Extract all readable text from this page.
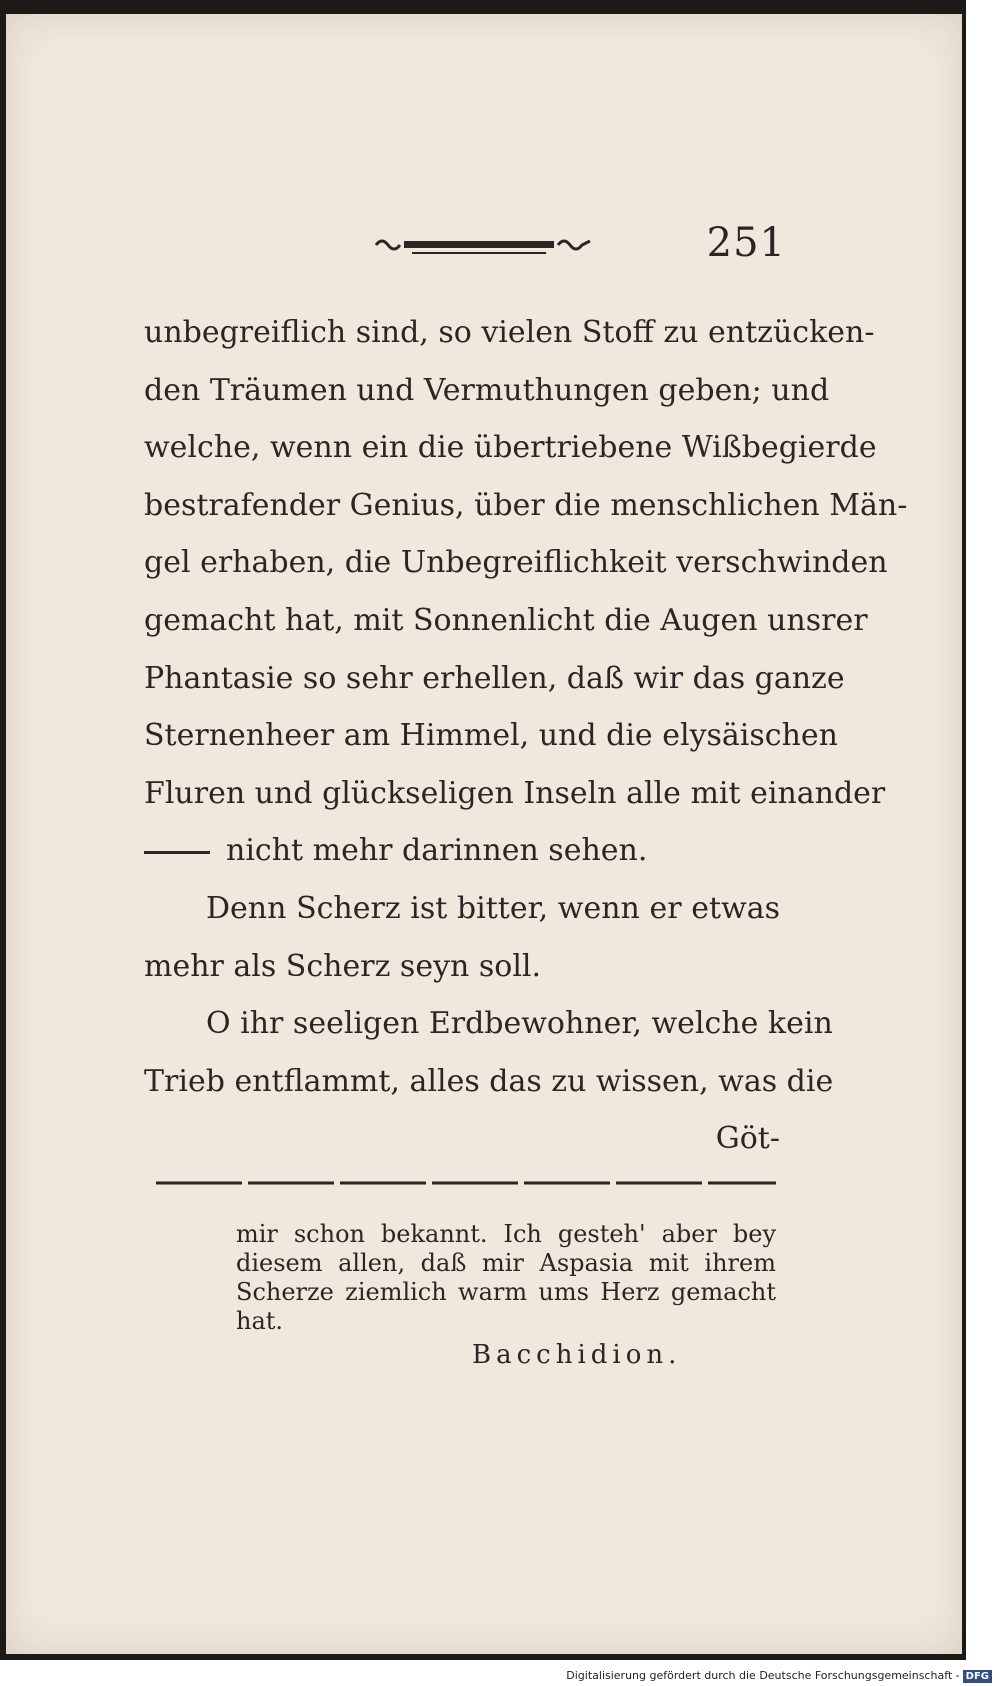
251
unbegreiflich sind, so vielen Stoff zu entzücken-
den Träumen und Vermuthungen geben; und
welche, wenn ein die übertriebene Wißbegierde
bestrafender Genius, über die menschlichen Män-
gel erhaben, die Unbegreiflichkeit verschwinden
gemacht hat, mit Sonnenlicht die Augen unsrer
Phantasie so sehr erhellen, daß wir das ganze
Sternenheer am Himmel, und die elysäischen
Fluren und glückseligen Inseln alle mit einander
nicht mehr darinnen sehen.
Denn Scherz ist bitter, wenn er etwas
mehr als Scherz seyn soll.
O ihr seeligen Erdbewohner, welche kein
Trieb entflammt, alles das zu wissen, was die
Göt-
mir schon bekannt. Ich gesteh' aber bey
diesem allen, daß mir Aspasia mit ihrem
Scherze ziemlich warm ums Herz gemacht
hat.
Bacchidion.
Digitalisierung gefördert durch die Deutsche Forschungsgemeinschaft - DFG
